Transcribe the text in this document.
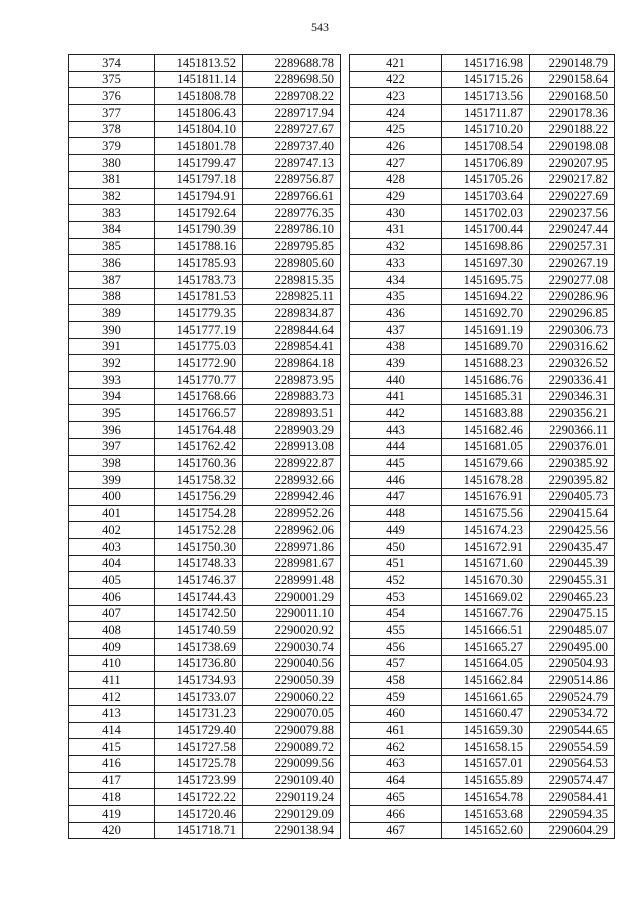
543
374	1451813.52	2289688.78
375	1451811.14	2289698.50
376	1451808.78	2289708.22
377	1451806.43	2289717.94
378	1451804.10	2289727.67
379	1451801.78	2289737.40
380	1451799.47	2289747.13
381	1451797.18	2289756.87
382	1451794.91	2289766.61
383	1451792.64	2289776.35
384	1451790.39	2289786.10
385	1451788.16	2289795.85
386	1451785.93	2289805.60
387	1451783.73	2289815.35
388	1451781.53	2289825.11
389	1451779.35	2289834.87
390	1451777.19	2289844.64
391	1451775.03	2289854.41
392	1451772.90	2289864.18
393	1451770.77	2289873.95
394	1451768.66	2289883.73
395	1451766.57	2289893.51
396	1451764.48	2289903.29
397	1451762.42	2289913.08
398	1451760.36	2289922.87
399	1451758.32	2289932.66
400	1451756.29	2289942.46
401	1451754.28	2289952.26
402	1451752.28	2289962.06
403	1451750.30	2289971.86
404	1451748.33	2289981.67
405	1451746.37	2289991.48
406	1451744.43	2290001.29
407	1451742.50	2290011.10
408	1451740.59	2290020.92
409	1451738.69	2290030.74
410	1451736.80	2290040.56
411	1451734.93	2290050.39
412	1451733.07	2290060.22
413	1451731.23	2290070.05
414	1451729.40	2290079.88
415	1451727.58	2290089.72
416	1451725.78	2290099.56
417	1451723.99	2290109.40
418	1451722.22	2290119.24
419	1451720.46	2290129.09
420	1451718.71	2290138.94
421	1451716.98	2290148.79
422	1451715.26	2290158.64
423	1451713.56	2290168.50
424	1451711.87	2290178.36
425	1451710.20	2290188.22
426	1451708.54	2290198.08
427	1451706.89	2290207.95
428	1451705.26	2290217.82
429	1451703.64	2290227.69
430	1451702.03	2290237.56
431	1451700.44	2290247.44
432	1451698.86	2290257.31
433	1451697.30	2290267.19
434	1451695.75	2290277.08
435	1451694.22	2290286.96
436	1451692.70	2290296.85
437	1451691.19	2290306.73
438	1451689.70	2290316.62
439	1451688.23	2290326.52
440	1451686.76	2290336.41
441	1451685.31	2290346.31
442	1451683.88	2290356.21
443	1451682.46	2290366.11
444	1451681.05	2290376.01
445	1451679.66	2290385.92
446	1451678.28	2290395.82
447	1451676.91	2290405.73
448	1451675.56	2290415.64
449	1451674.23	2290425.56
450	1451672.91	2290435.47
451	1451671.60	2290445.39
452	1451670.30	2290455.31
453	1451669.02	2290465.23
454	1451667.76	2290475.15
455	1451666.51	2290485.07
456	1451665.27	2290495.00
457	1451664.05	2290504.93
458	1451662.84	2290514.86
459	1451661.65	2290524.79
460	1451660.47	2290534.72
461	1451659.30	2290544.65
462	1451658.15	2290554.59
463	1451657.01	2290564.53
464	1451655.89	2290574.47
465	1451654.78	2290584.41
466	1451653.68	2290594.35
467	1451652.60	2290604.29
